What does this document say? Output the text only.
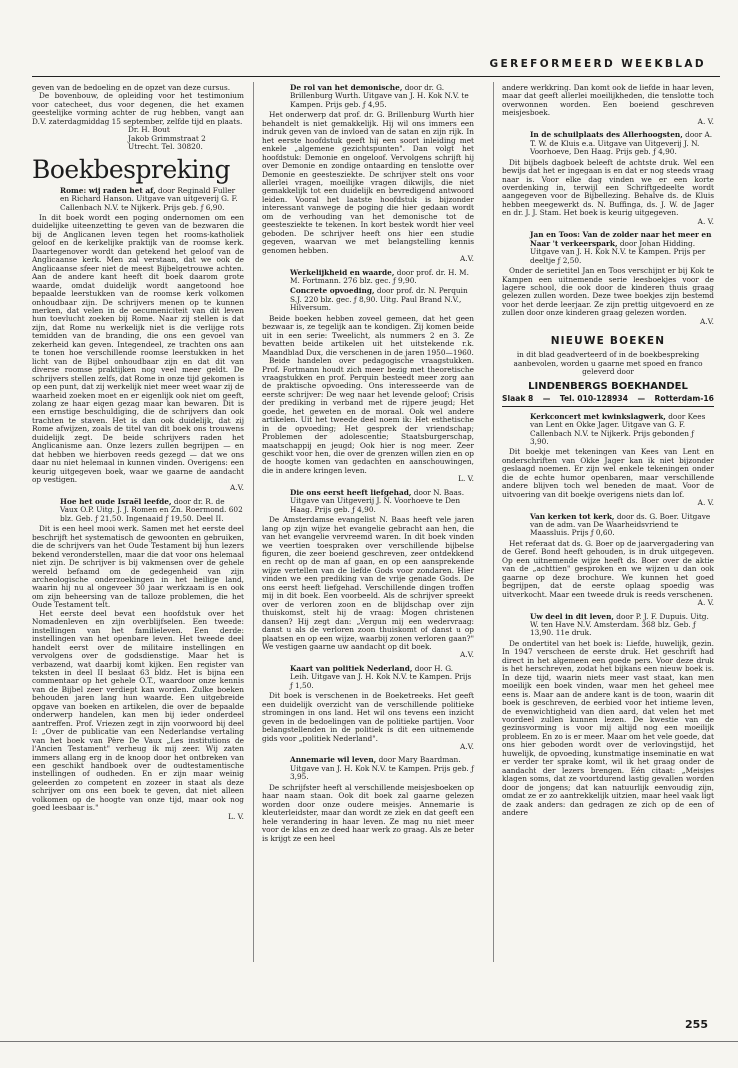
GEREFORMEERD WEEKBLAD

geven van de bedoeling en de opzet van deze cursus.

De bovenbouw, de opleiding voor het testimonium voor catecheet, dus voor degenen, die het examen geestelijke vorming achter de rug hebben, vangt aan D.V. zaterdagmiddag 15 september, zelfde tijd en plaats.

Dr. H. Bout

Jakob Grimmstraat 2

Utrecht. Tel. 30820.

Boekbespreking

Rome: wij raden het af, door Reginald Fuller en Richard Hanson. Uitgave van uitgeverij G. F. Callenbach N.V. te Nijkerk. Prijs geb. ƒ 6,90.

In dit boek wordt een poging ondernomen om een duidelijke uiteenzetting te geven van de bezwaren die bij de Anglicanen leven tegen het rooms-katholiek geloof en de kerkelijke praktijk van de roomse kerk. Daartegenover wordt dan getekend het geloof van de Anglicaanse kerk. Men zal verstaan, dat we ook de Anglicaanse sfeer niet de meest Bijbelgetrouwe achten. Aan de andere kant heeft dit boek daarom grote waarde, omdat duidelijk wordt aangetoond hoe bepaalde leerstukken van de roomse kerk volkomen onhoudbaar zijn. De schrijvers menen op te kunnen merken, dat velen in de oecumeniciteit van dit leven hun toevlucht zoeken bij Rome. Naar zij stellen is dat zijn, dat Rome nu werkelijk niet is die verlijge rots temidden van de branding, die ons een gevoel van zekerheid kan geven. Integendeel, ze trachten ons aan te tonen hoe verschillende roomse leerstukken in het licht van de Bijbel onhoudbaar zijn en dat dit van diverse roomse praktijken nog veel meer geldt. De schrijvers stellen zelfs, dat Rome in onze tijd gekomen is op een punt, dat zij werkelijk niet meer weet waar zij de waarheid zoeken moet en er eigenlijk ook niet om geeft, zolang ze haar eigen gezag maar kan bewaren. Dit is een ernstige beschuldiging, die de schrijvers dan ook trachten te staven. Het is dan ook duidelijk, dat zij Rome afwijzen, zoals de titel van dit boek ons trouwens duidelijk zegt. De beide schrijvers raden het Anglicanisme aan. Onze lezers zullen begrijpen — en dat hebben we hierboven reeds gezegd — dat we ons daar nu niet helemaal in kunnen vinden. Overigens: een keurig uitgegeven boek, waar we gaarne de aandacht op vestigen.

A.V.

Hoe het oude Israël leefde, door dr. R. de Vaux O.P. Uitg. J. J. Romen en Zn. Roermond. 602 blz. Geb. ƒ 21,50. Ingenaaid ƒ 19,50. Deel II.

Dit is een heel mooi werk. Samen met het eerste deel beschrijft het systematisch de gewoonten en gebruiken, die de schrijvers van het Oude Testament bij hun lezers bekend veronderstellen, maar die dat voor ons helemaal niet zijn. De schrijver is bij vakmensen over de gehele wereld befaamd om de gedegenheid van zijn archeologische onderzoekingen in het heilige land, waarin hij nu al ongeveer 30 jaar werkzaam is en ook om zijn beheersing van de talloze problemen, die het Oude Testament telt.

Het eerste deel bevat een hoofdstuk over het Nomadenleven en zijn overblijfselen. Een tweede: instellingen van het familieleven. Een derde: instellingen van het openbare leven. Het tweede deel handelt eerst over de militaire instellingen en vervolgens over de godsdienstige. Maar het is verbazend, wat daarbij komt kijken. Een register van teksten in deel II beslaat 63 bldz. Het is bijna een commentaar op het gehele O.T., waardoor onze kennis van de Bijbel zeer verdiept kan worden. Zulke boeken behouden jaren lang hun waarde. Een uitgebreide opgave van boeken en artikelen, die over de bepaalde onderwerp handelen, kan men bij ieder onderdeel aantreffen. Prof. Vriezen zegt in zijn voorwoord bij deel I: „Over de publicatie van een Nederlandse vertaling van het boek van Père De Vaux „Les institutions de l'Ancien Testament" verheug ik mij zeer. Wij zaten immers allang erg in de knoop door het ontbreken van een geschikt handboek over de oudtestamentische instellingen of oudheden. En er zijn maar weinig geleerden zo competent en zozeer in staat als deze schrijver om ons een boek te geven, dat niet alleen volkomen op de hoogte van onze tijd, maar ook nog goed leesbaar is."

L. V.

De rol van het demonische, door dr. G. Brillenburg Wurth. Uitgave van J. H. Kok N.V. te Kampen. Prijs geb. ƒ 4,95.

Het onderwerp dat prof. dr. G. Brillenburg Wurth hier behandelt is niet gemakkelijk. Hij wil ons immers een indruk geven van de invloed van de satan en zijn rijk. In het eerste hoofdstuk geeft hij een soort inleiding met enkele „algemene gezichtspunten". Dan volgt het hoofdstuk: Demonie en ongeloof. Vervolgens schrijft hij over Demonie en zondige ontaarding en tenslotte over Demonie en geestesziekte. De schrijver stelt ons voor allerlei vragen, moeilijke vragen dikwijls, die niet gemakkelijk tot een duidelijk en bevredigend antwoord leiden. Vooral het laatste hoofdstuk is bijzonder interessant vanwege de poging die hier gedaan wordt om de verhouding van het demonische tot de geestesziekte te tekenen. In kort bestek wordt hier veel geboden. De schrijver heeft ons hier een studie gegeven, waarvan we met belangstelling kennis genomen hebben.

A.V.

Werkelijkheid en waarde, door prof. dr. H. M. M. Fortmann. 276 blz. gec. ƒ 9,90.

Concrete opvoeding, door prof. dr. N. Perquin S.J. 220 blz. gec. ƒ 8,90. Uitg. Paul Brand N.V., Hilversum.

Beide boeken hebben zoveel gemeen, dat het geen bezwaar is, ze tegelijk aan te kondigen. Zij komen beide uit in een serie: Tweelicht, als nummers 2 en 3. Ze bevatten beide artikelen uit het uitstekende r.k. Maandblad Dux, die verschenen in de jaren 1950—1960.

Beide handelen over pedagogische vraagstukken. Prof. Fortmann houdt zich meer bezig met theoretische vraagstukken en prof. Perquin besteedt meer zorg aan de praktische opvoeding. Ons interesseerde van de eerste schrijver: De weg naar het levende geloof; Crisis der prediking in verband met de rijpere jeugd; Het goede, het geweten en de moraal. Ook wel andere artikelen. Uit het tweede deel noem ik: Het esthetische in de opvoeding; Het gesprek der vriendschap; Problemen der adolescentie; Staatsburgerschap, maatschappij en jeugd; Ook hier is nog meer. Zeer geschikt voor hen, die over de grenzen willen zien en op de hoogte komen van gedachten en aanschouwingen, die in andere kringen leven.

L. V.

Die ons eerst heeft liefgehad, door N. Baas. Uitgave van Uitgeverij J. N. Voorhoeve te Den Haag. Prijs geb. ƒ 4,90.

De Amsterdamse evangelist N. Baas heeft vele jaren lang op zijn wijze het evangelie gebracht aan hen, die van het evangelie vervreemd waren. In dit boek vinden we veertien toespraken over verschillende bijbelse figuren, die zeer boeiend geschreven, zeer ontdekkend en recht op de man af gaan, en op een aansprekende wijze vertellen van de liefde Gods voor zondaren. Hier vinden we een prediking van de vrije genade Gods. De ons eerst heeft liefgehad. Verschillende dingen troffen mij in dit boek. Een voorbeeld. Als de schrijver spreekt over de verloren zoon en de blijdschap over zijn thuiskomst, stelt hij de vraag: Mogen christenen dansen? Hij zegt dan: „Vergun mij een wedervraag: danst u als de verloren zoon thuiskomt of danst u op plaatsen en op een wijze, waarbij zonen verloren gaan?" We vestigen gaarne uw aandacht op dit boek.

A.V.

Kaart van politiek Nederland, door H. G. Leih. Uitgave van J. H. Kok N.V. te Kampen. Prijs ƒ 1,50.

Dit boek is verschenen in de Boeketreeks. Het geeft een duidelijk overzicht van de verschillende politieke stromingen in ons land. Het wil ons tevens een inzicht geven in de bedoelingen van de politieke partijen. Voor belangstellenden in de politiek is dit een uitnemende gids voor „politiek Nederland".

A.V.

Annemarie wil leven, door Mary Baardman. Uitgave van J. H. Kok N.V. te Kampen. Prijs geb. ƒ 3,95.

De schrijfster heeft al verschillende meisjesboeken op haar naam staan. Ook dit boek zal gaarne gelezen worden door onze oudere meisjes. Annemarie is kleuterleidster, maar dan wordt ze ziek en dat geeft een hele verandering in haar leven. Ze mag nu niet meer voor de klas en ze deed haar werk zo graag. Als ze beter is krijgt ze een heel

andere werkkring. Dan komt ook de liefde in haar leven, maar dat geeft allerlei moeilijkheden, die tenslotte toch overwonnen worden. Een boeiend geschreven meisjesboek.

A. V.

In de schuilplaats des Allerhoogsten, door A. T. W. de Kluis e.a. Uitgave van Uitgeverij J. N. Voorhoeve, Den Haag. Prijs geb. ƒ 4,90.

Dit bijbels dagboek beleeft de achtste druk. Wel een bewijs dat het er ingegaan is en dat er nog steeds vraag naar is. Voor elke dag vinden we er een korte overdenking in, terwijl een Schriftgedeelte wordt aangegeven voor de Bijbellezing. Behalve ds. de Kluis hebben meegewerkt ds. N. Buffinga, ds. J. W. de Jager en dr. J. J. Stam. Het boek is keurig uitgegeven.

A. V.

Jan en Toos: Van de zolder naar het meer en Naar 't verkeerspark, door Johan Hidding. Uitgave van J. H. Kok N.V. te Kampen. Prijs per deeltje ƒ 2,50.

Onder de serietitel Jan en Toos verschijnt er bij Kok te Kampen een uitnemende serie leesboekjes voor de lagere school, die ook door de kinderen thuis graag gelezen zullen worden. Deze twee boekjes zijn bestemd voor het derde leerjaar. Ze zijn prettig uitgevoerd en ze zullen door onze kinderen graag gelezen worden.

A.V.

NIEUWE BOEKEN

in dit blad geadverteerd of in de boekbespreking

aanbevolen, worden u gaarne met spoed en franco

geleverd door

LINDENBERGS BOEKHANDEL
Slaak 8 — Tel. 010-128934 — Rotterdam-16

Kerkconcert met kwinkslagwerk, door Kees van Lent en Okke Jager. Uitgave van G. F. Callenbach N.V. te Nijkerk. Prijs gebonden ƒ 3,90.

Dit boekje met tekeningen van Kees van Lent en onderschriften van Okke Jager kan ik niet bijzonder geslaagd noemen. Er zijn wel enkele tekeningen onder die de echte humor openbaren, maar verschillende andere blijven toch wel beneden de maat. Voor de uitvoering van dit boekje overigens niets dan lof.

A. V.

Van kerken tot kerk, door ds. G. Boer. Uitgave van de adm. van De Waarheidsvriend te Maassluis. Prijs ƒ 0,60.

Het referaat dat ds. G. Boer op de jaarvergadering van de Geref. Bond heeft gehouden, is in druk uitgegeven. Op een uitnemende wijze heeft ds. Boer over de aktie van de „achttien" gesproken en we wijzen u dan ook gaarne op deze brochure. We kunnen het goed begrijpen, dat de eerste oplaag spoedig was uitverkocht. Maar een tweede druk is reeds verschenen.

A. V.

Uw deel in dit leven, door P. J. F. Dupuis. Uitg. W. ten Have N.V. Amsterdam. 368 blz. Geb. ƒ 13,90. 11e druk.

De ondertitel van het boek is: Liefde, huwelijk, gezin. In 1947 verscheen de eerste druk. Het geschrift had direct in het algemeen een goede pers. Voor deze druk is het herschreven, zodat het bijkans een nieuw boek is. In deze tijd, waarin niets meer vast staat, kan men moeilijk een boek vinden, waar men het geheel mee eens is. Maar aan de andere kant is de toon, waarin dit boek is geschreven, de eerbied voor het intieme leven, de evenwichtigheid van dien aard, dat velen het met voordeel zullen kunnen lezen. De kwestie van de gezinsvorming is voor mij altijd nog een moeilijk probleem. En zo is er meer. Maar om het vele goede, dat ons hier geboden wordt over de verlovingstijd, het huwelijk, de opvoeding, kunstmatige inseminatie en wat er verder ter sprake komt, wil ik het graag onder de aandacht der lezers brengen. Eén citaat: „Meisjes klagen soms, dat ze voortdurend lastig gevallen worden door de jongens; dat kan natuurlijk eenvoudig zijn, omdat ze er zo aantrekkelijk uitzien, maar heel vaak ligt de zaak anders: dan gedragen ze zich op de een of andere

255
